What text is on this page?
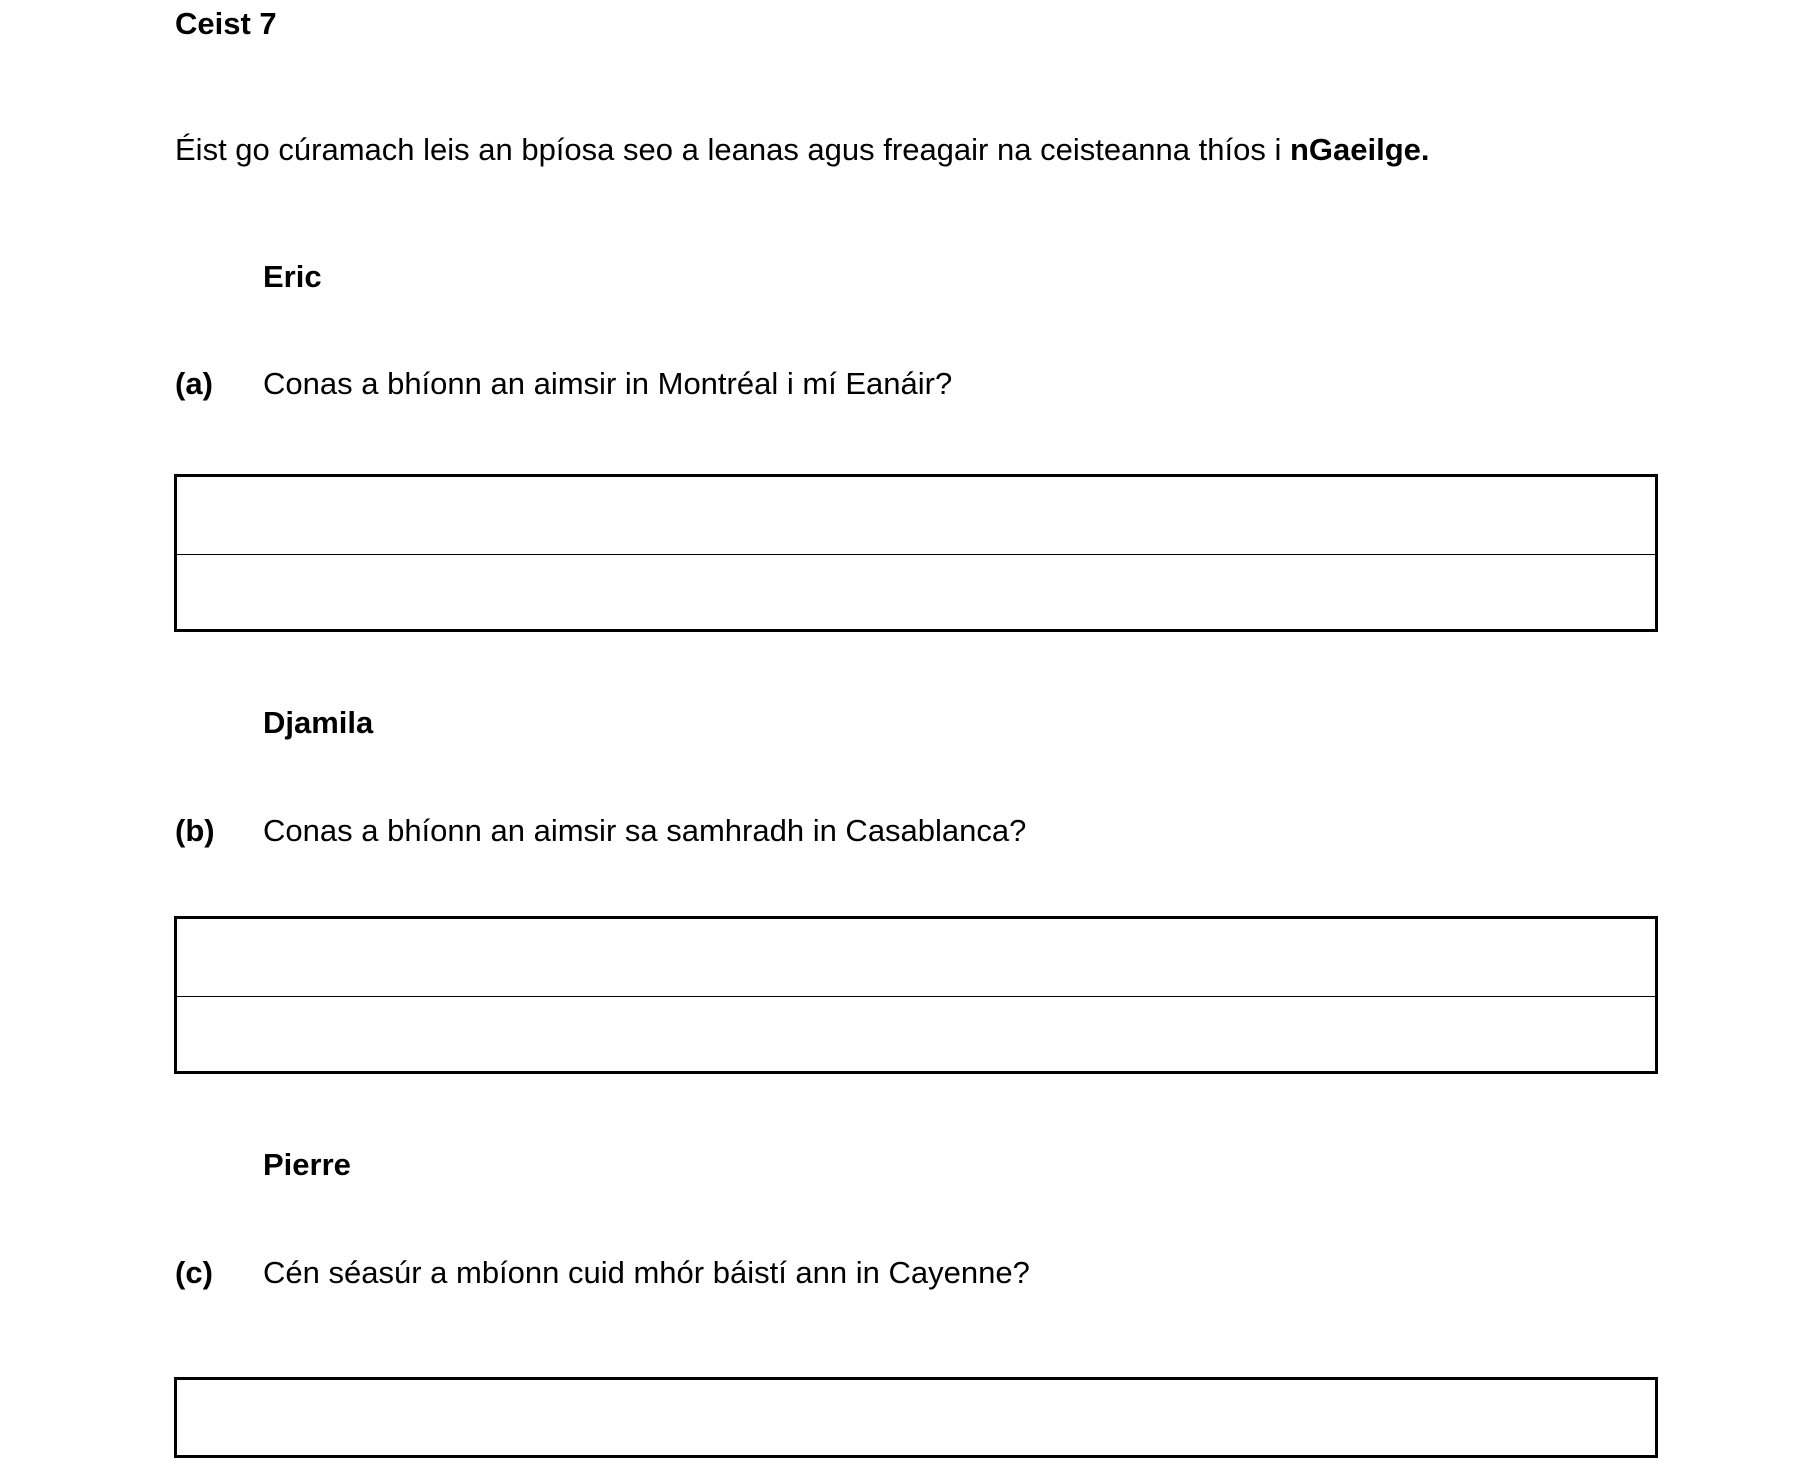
Ceist 7
Éist go cúramach leis an bpíosa seo a leanas agus freagair na ceisteanna thíos i nGaeilge.
Eric
(a) Conas a bhíonn an aimsir in Montréal i mí Eanáir?
Djamila
(b) Conas a bhíonn an aimsir sa samhradh in Casablanca?
Pierre
(c) Cén séasúr a mbíonn cuid mhór báistí ann in Cayenne?
